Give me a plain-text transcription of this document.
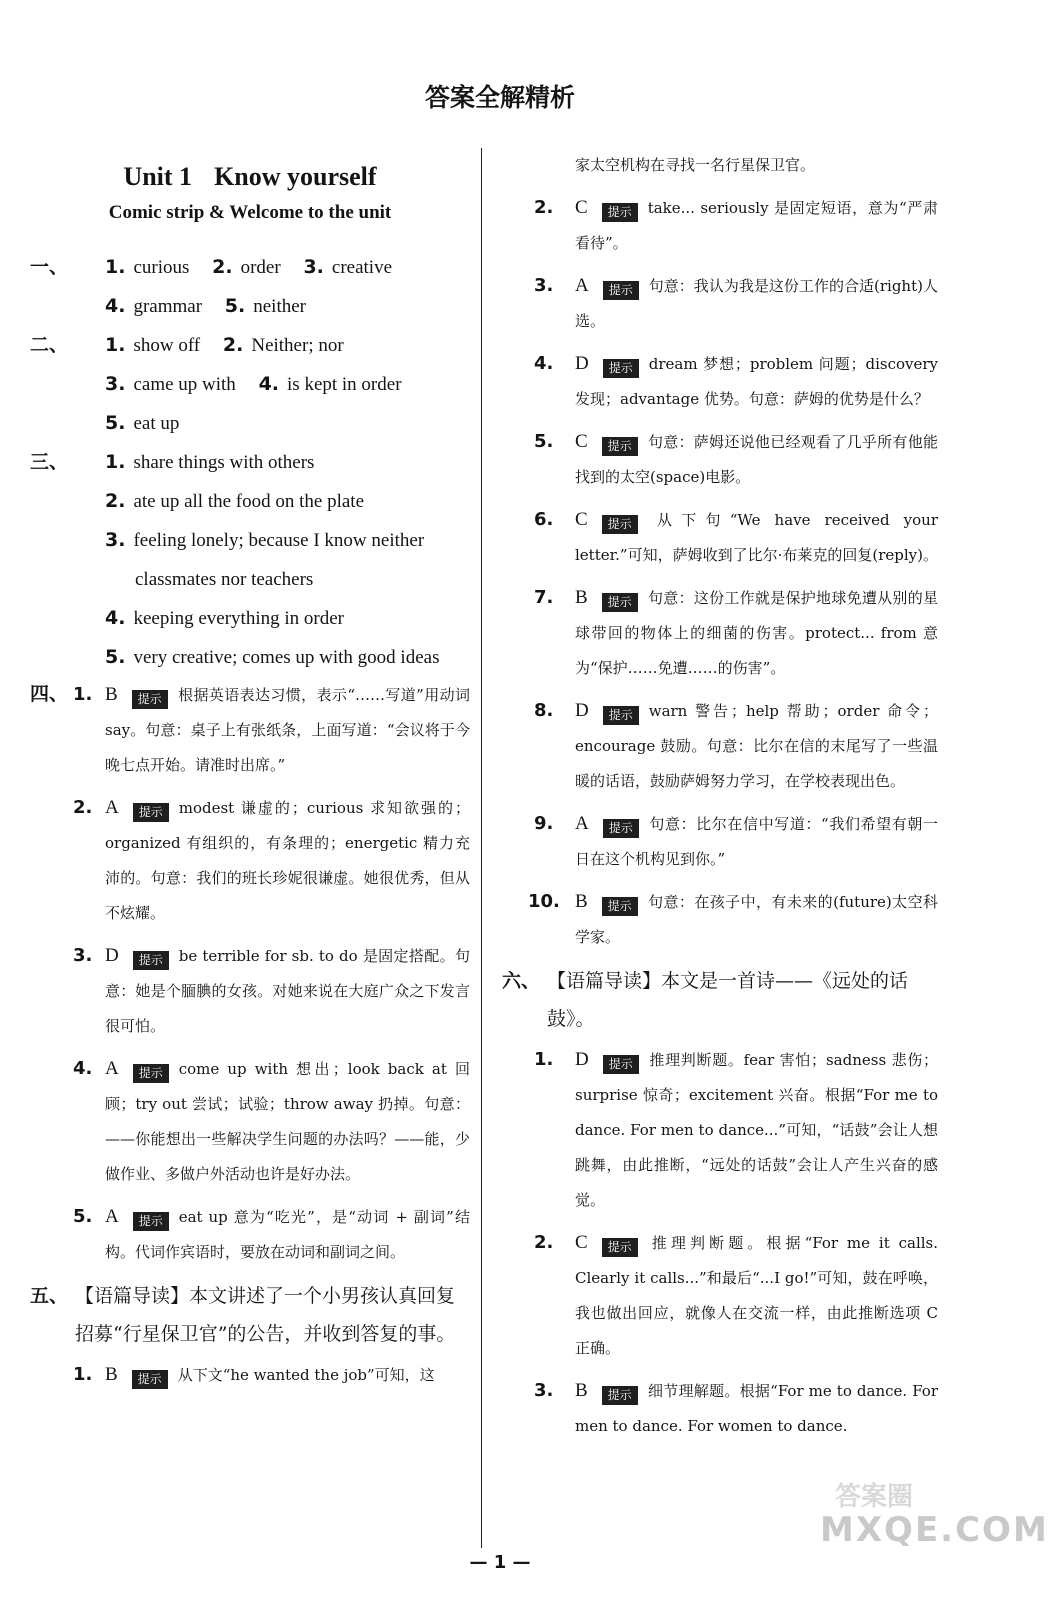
答案全解精析
Unit 1 Know yourself
Comic strip & Welcome to the unit
一、 1. curious 2. order 3. creative
4. grammar 5. neither
二、 1. show off 2. Neither; nor
3. came up with 4. is kept in order
5. eat up
三、 1. share things with others
2. ate up all the food on the plate
3. feeling lonely; because I know neither
classmates nor teachers
4. keeping everything in order
5. very creative; comes up with good ideas
四、 1. B 提示 根据英语表达习惯，表示“……写道”用动词 say。句意：桌子上有张纸条，上面写道：“会议将于今晚七点开始。请准时出席。”
2. A 提示 modest 谦虚的；curious 求知欲强的；organized 有组织的，有条理的；energetic 精力充沛的。句意：我们的班长珍妮很谦虚。她很优秀，但从不炫耀。
3. D 提示 be terrible for sb. to do 是固定搭配。句意：她是个腼腆的女孩。对她来说在大庭广众之下发言很可怕。
4. A 提示 come up with 想出；look back at 回顾；try out 尝试；试验；throw away 扔掉。句意：——你能想出一些解决学生问题的办法吗？——能，少做作业、多做户外活动也许是好办法。
5. A 提示 eat up 意为“吃光”，是“动词 + 副词”结构。代词作宾语时，要放在动词和副词之间。
五、 【语篇导读】本文讲述了一个小男孩认真回复招募“行星保卫官”的公告，并收到答复的事。
1. B 提示 从下文“he wanted the job”可知，这
家太空机构在寻找一名行星保卫官。
2. C 提示 take... seriously 是固定短语，意为“严肃看待”。
3. A 提示 句意：我认为我是这份工作的合适(right)人选。
4. D 提示 dream 梦想；problem 问题；discovery 发现；advantage 优势。句意：萨姆的优势是什么？
5. C 提示 句意：萨姆还说他已经观看了几乎所有他能找到的太空(space)电影。
6. C 提示 从下句“We have received your letter.”可知，萨姆收到了比尔·布莱克的回复(reply)。
7. B 提示 句意：这份工作就是保护地球免遭从别的星球带回的物体上的细菌的伤害。protect... from 意为“保护……免遭……的伤害”。
8. D 提示 warn 警告；help 帮助；order 命令；encourage 鼓励。句意：比尔在信的末尾写了一些温暖的话语，鼓励萨姆努力学习，在学校表现出色。
9. A 提示 句意：比尔在信中写道：“我们希望有朝一日在这个机构见到你。”
10. B 提示 句意：在孩子中，有未来的(future)太空科学家。
六、 【语篇导读】本文是一首诗——《远处的话鼓》。
1. D 提示 推理判断题。fear 害怕；sadness 悲伤；surprise 惊奇；excitement 兴奋。根据“For me to dance. For men to dance...”可知，“话鼓”会让人想跳舞，由此推断，“远处的话鼓”会让人产生兴奋的感觉。
2. C 提示 推理判断题。根据“For me it calls. Clearly it calls...”和最后“...I go!”可知，鼓在呼唤，我也做出回应，就像人在交流一样，由此推断选项 C 正确。
3. B 提示 细节理解题。根据“For me to dance. For men to dance. For women to dance.
答案圈
MXQE.COM
— 1 —
